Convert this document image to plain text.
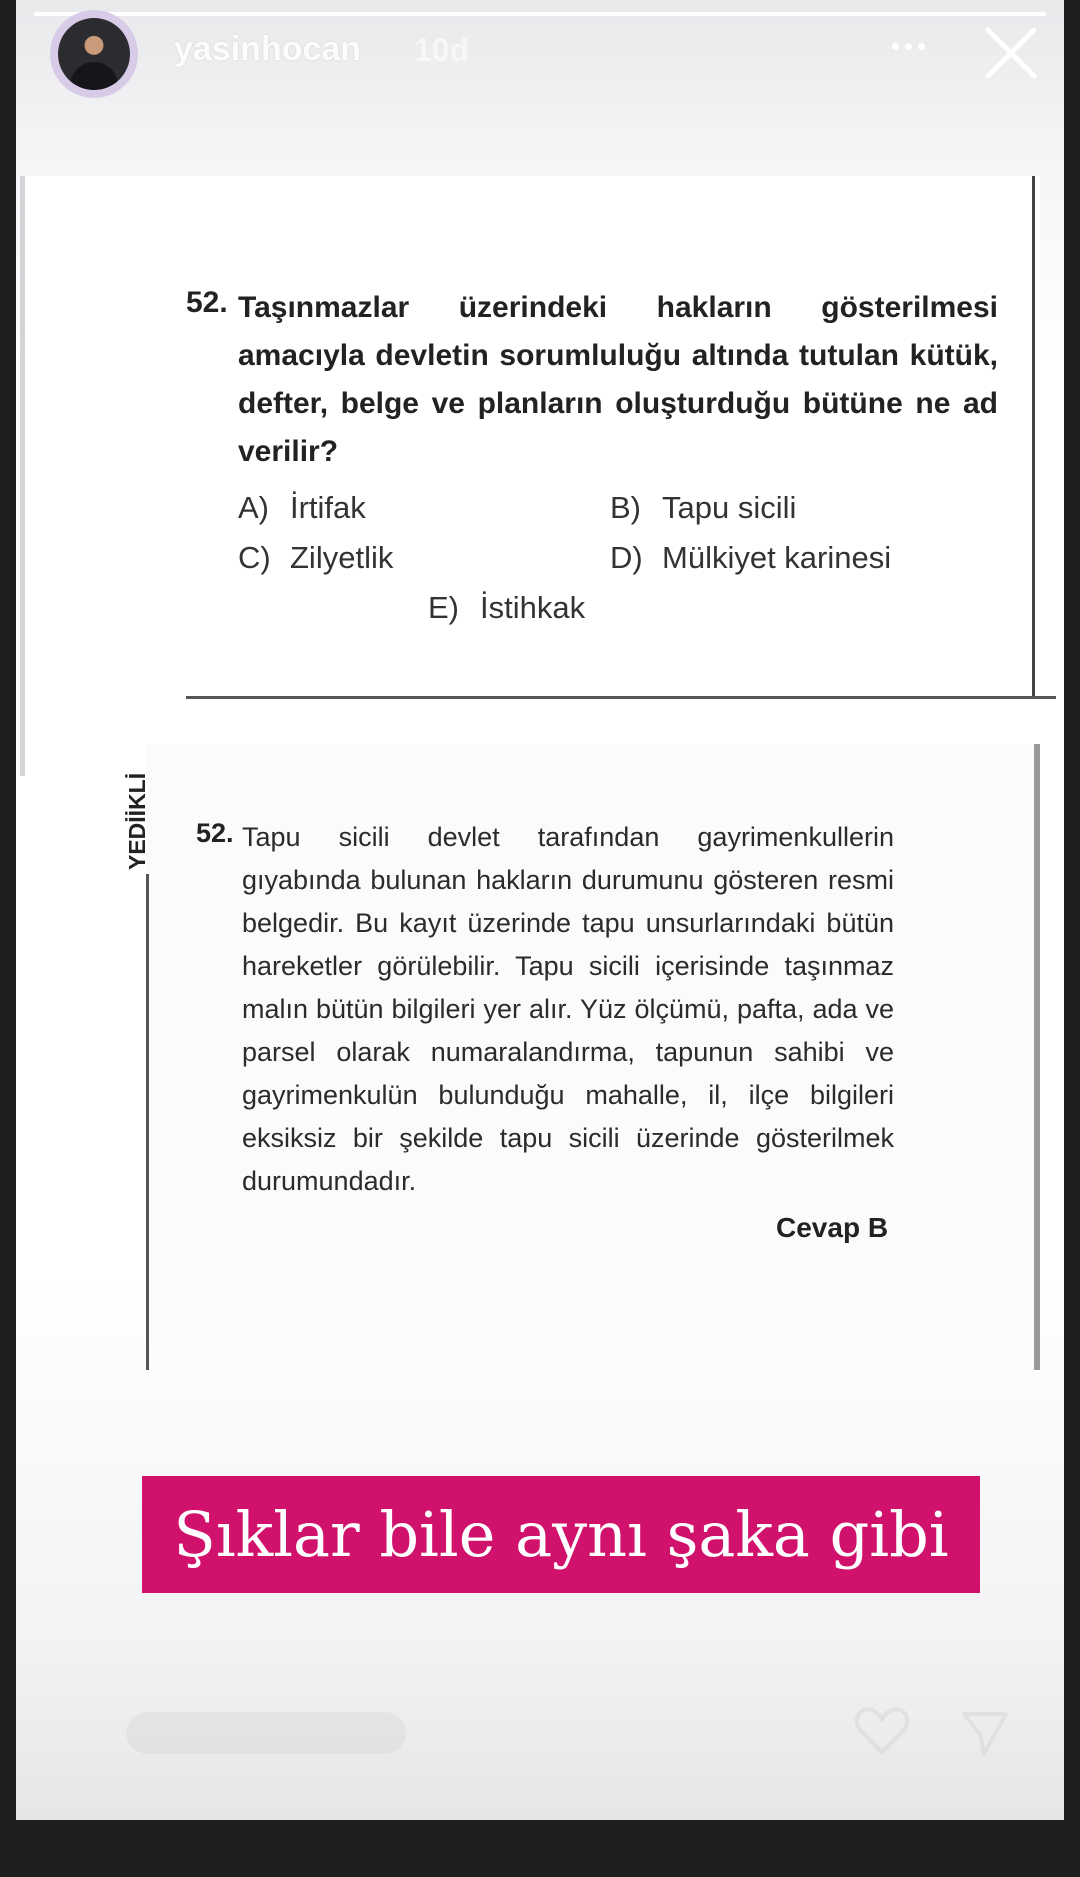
yasinhocan 10d
52. Taşınmazlar üzerindeki hakların gösterilmesi amacıyla devletin sorumluluğu altında tutulan kütük, defter, belge ve planların oluşturduğu bütüne ne ad verilir?

A) İrtifak	B) Tapu sicili
C) Zilyetlik	D) Mülkiyet karinesi
E) İstihkak
YEDİİKLİ	52. Tapu sicili devlet tarafından gayrimenkullerin gıyabında bulunan hakların durumunu gösteren resmi belgedir. Bu kayıt üzerinde tapu unsurlarındaki bütün hareketler görülebilir. Tapu sicili içerisinde taşınmaz malın bütün bilgileri yer alır. Yüz ölçümü, pafta, ada ve parsel olarak numaralandırma, tapunun sahibi ve gayrimenkulün bulunduğu mahalle, il, ilçe bilgileri eksiksiz bir şekilde tapu sicili üzerinde gösterilmek durumundadır.

Cevap B
Şıklar bile aynı şaka gibi
